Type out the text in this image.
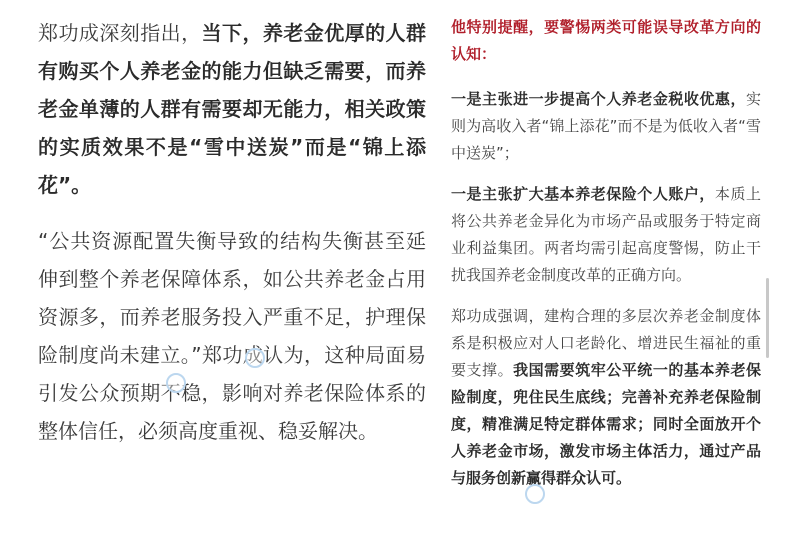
郑功成深刻指出，当下，养老金优厚的人群有购买个人养老金的能力但缺乏需要，而养老金单薄的人群有需要却无能力，相关政策的实质效果不是“雪中送炭”而是“锦上添花”。

“公共资源配置失衡导致的结构失衡甚至延伸到整个养老保障体系，如公共养老金占用资源多，而养老服务投入严重不足，护理保险制度尚未建立。”郑功成认为，这种局面易引发公众预期不稳，影响对养老保险体系的整体信任，必须高度重视、稳妥解决。

他特别提醒，要警惕两类可能误导改革方向的认知：

一是主张进一步提高个人养老金税收优惠，实则为高收入者“锦上添花”而不是为低收入者“雪中送炭”；

一是主张扩大基本养老保险个人账户，本质上将公共养老金异化为市场产品或服务于特定商业利益集团。两者均需引起高度警惕，防止干扰我国养老金制度改革的正确方向。

郑功成强调，建构合理的多层次养老金制度体系是积极应对人口老龄化、增进民生福祉的重要支撑。我国需要筑牢公平统一的基本养老保险制度，兜住民生底线；完善补充养老保险制度，精准满足特定群体需求；同时全面放开个人养老金市场，激发市场主体活力，通过产品与服务创新赢得群众认可。
